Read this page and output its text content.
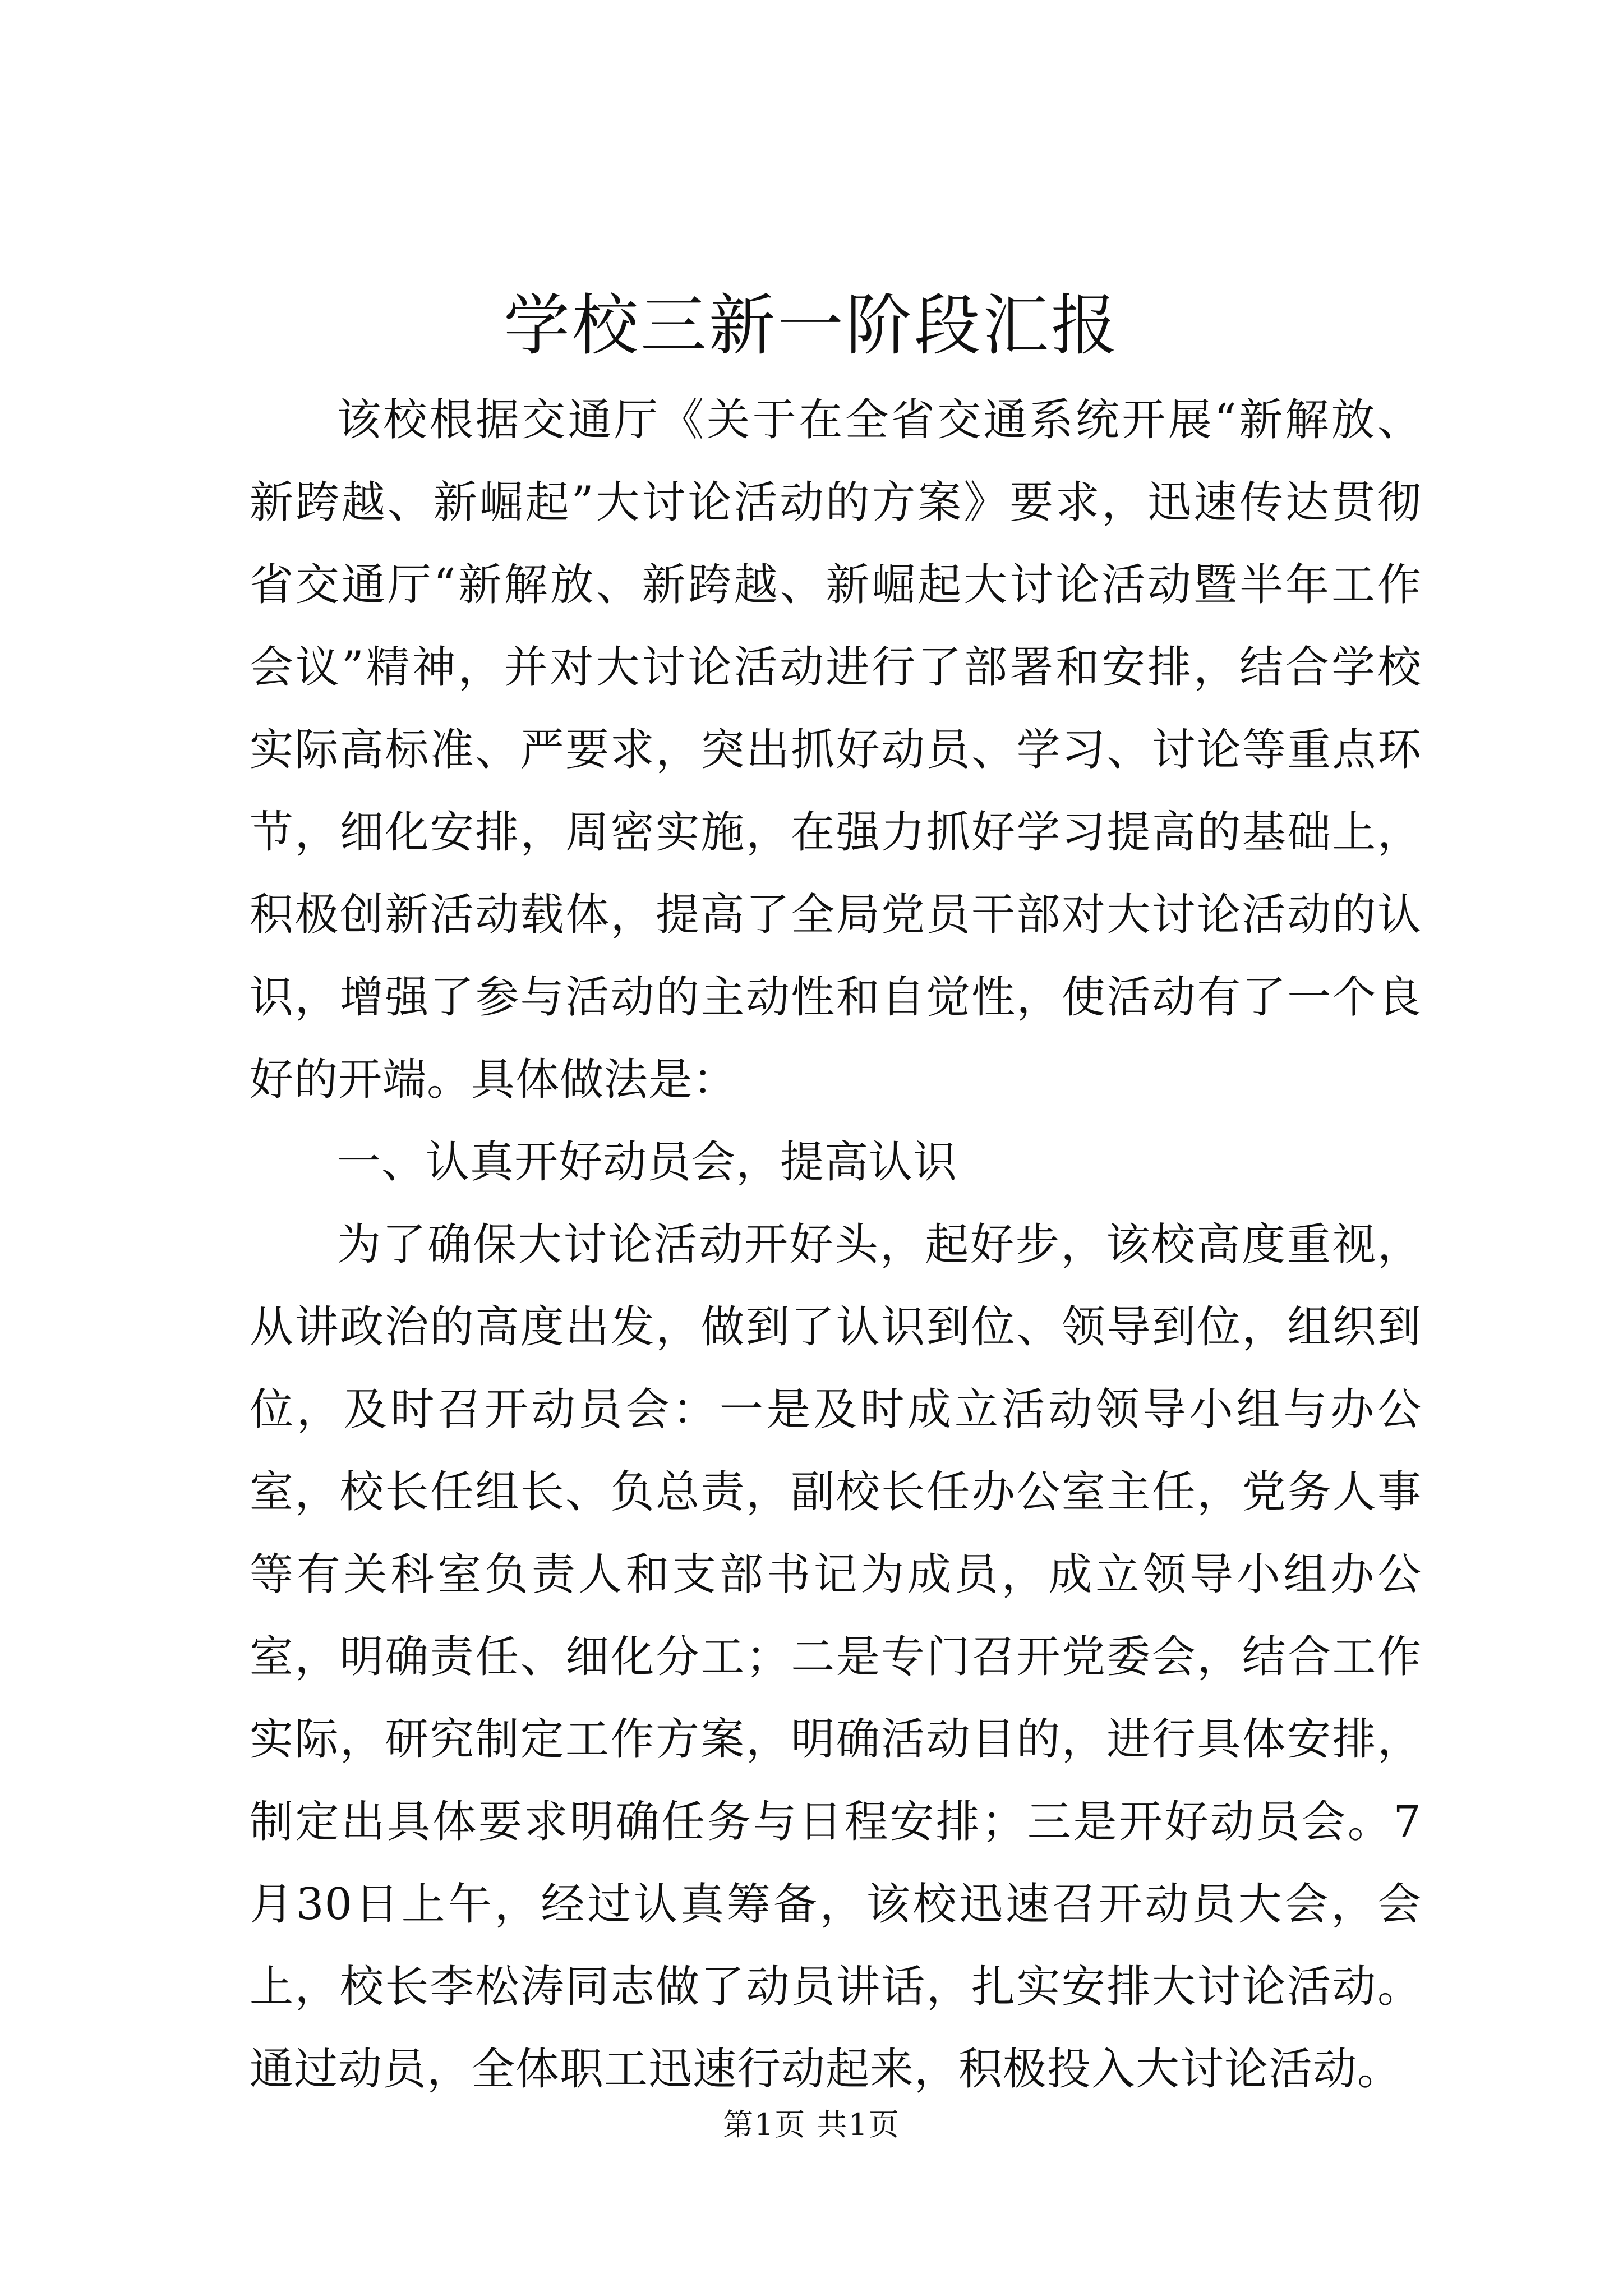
学校三新一阶段汇报

该校根据交通厅《关于在全省交通系统开展“新解放、新跨越、新崛起”大讨论活动的方案》要求，迅速传达贯彻省交通厅“新解放、新跨越、新崛起大讨论活动暨半年工作会议”精神，并对大讨论活动进行了部署和安排，结合学校实际高标准、严要求，突出抓好动员、学习、讨论等重点环节，细化安排，周密实施，在强力抓好学习提高的基础上，积极创新活动载体，提高了全局党员干部对大讨论活动的认识，增强了参与活动的主动性和自觉性，使活动有了一个良好的开端。具体做法是：

一、认真开好动员会，提高认识

为了确保大讨论活动开好头，起好步，该校高度重视，从讲政治的高度出发，做到了认识到位、领导到位，组织到位，及时召开动员会：一是及时成立活动领导小组与办公室，校长任组长、负总责，副校长任办公室主任，党务人事等有关科室负责人和支部书记为成员，成立领导小组办公室，明确责任、细化分工；二是专门召开党委会，结合工作实际，研究制定工作方案，明确活动目的，进行具体安排，制定出具体要求明确任务与日程安排；三是开好动员会。7月30日上午，经过认真筹备，该校迅速召开动员大会，会上，校长李松涛同志做了动员讲话，扎实安排大讨论活动。通过动员，全体职工迅速行动起来，积极投入大讨论活动。

第1页 共1页
